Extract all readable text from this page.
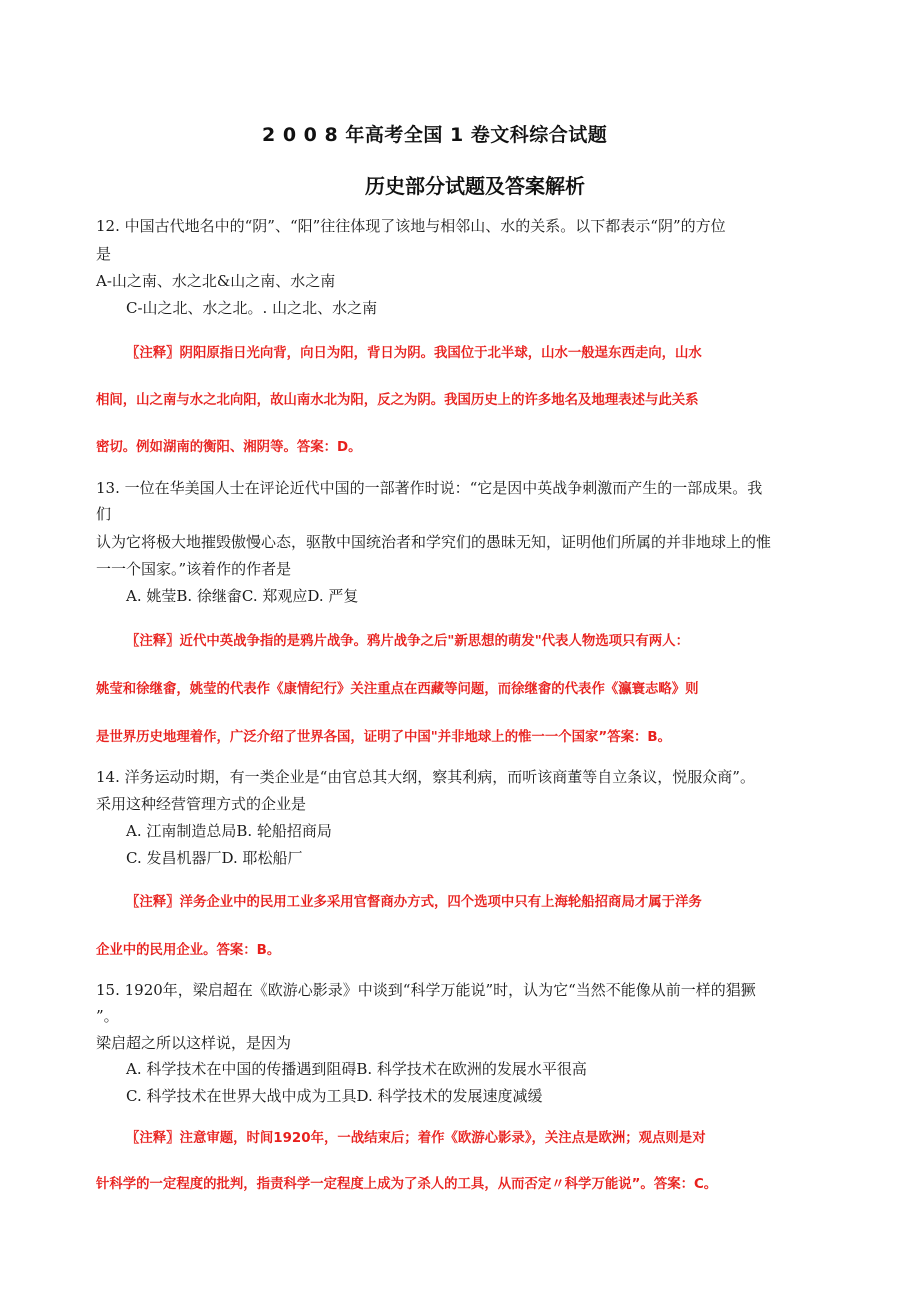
2 0 0 8 年高考全国 1 卷文科综合试题
历史部分试题及答案解析
12. 中国古代地名中的“阴”、“阳”往往体现了该地与相邻山、水的关系。以下都表示“阴”的方位
是
A-山之南、水之北&山之南、水之南
C-山之北、水之北。. 山之北、水之南
〖注释〗阴阳原指日光向背，向日为阳，背日为阴。我国位于北半球，山水一般逞东西走向，山水
相间，山之南与水之北向阳，故山南水北为阳，反之为阴。我国历史上的许多地名及地理表述与此关系
密切。例如湖南的衡阳、湘阴等。答案：D。
13. 一位在华美国人士在评论近代中国的一部著作时说：“它是因中英战争刺激而产生的一部成果。我
们
认为它将极大地摧毁傲慢心态，驱散中国统治者和学究们的愚昧无知，证明他们所属的并非地球上的惟
一一个国家。”该着作的作者是
A. 姚莹B. 徐继畲C. 郑观应D. 严复
〖注释〗近代中英战争指的是鸦片战争。鸦片战争之后"新思想的萌发"代表人物选项只有两人：
姚莹和徐继畬，姚莹的代表作《康情纪行》关注重点在西藏等问题，而徐继畬的代表作《瀛寰志略》则
是世界历史地理着作，广泛介绍了世界各国，证明了中国"并非地球上的惟一一个国家”答案：B。
14. 洋务运动时期，有一类企业是“由官总其大纲，察其利病，而听该商董等自立条议，悦服众商”。
采用这种经营管理方式的企业是
A. 江南制造总局B. 轮船招商局
C. 发昌机器厂D. 耶松船厂
〖注释〗洋务企业中的民用工业多采用官督商办方式，四个选项中只有上海轮船招商局才属于洋务
企业中的民用企业。答案：B。
15. 1920年，梁启超在《欧游心影录》中谈到“科学万能说”时，认为它“当然不能像从前一样的猖獗
”。
梁启超之所以这样说，是因为
A. 科学技术在中国的传播遇到阻碍B. 科学技术在欧洲的发展水平很高
C. 科学技术在世界大战中成为工具D. 科学技术的发展速度减缓
〖注释〗注意审题，时间1920年，一战结束后；着作《欧游心影录》，关注点是欧洲；观点则是对
针科学的一定程度的批判，指责科学一定程度上成为了杀人的工具，从而否定〃科学万能说”。答案：C。
